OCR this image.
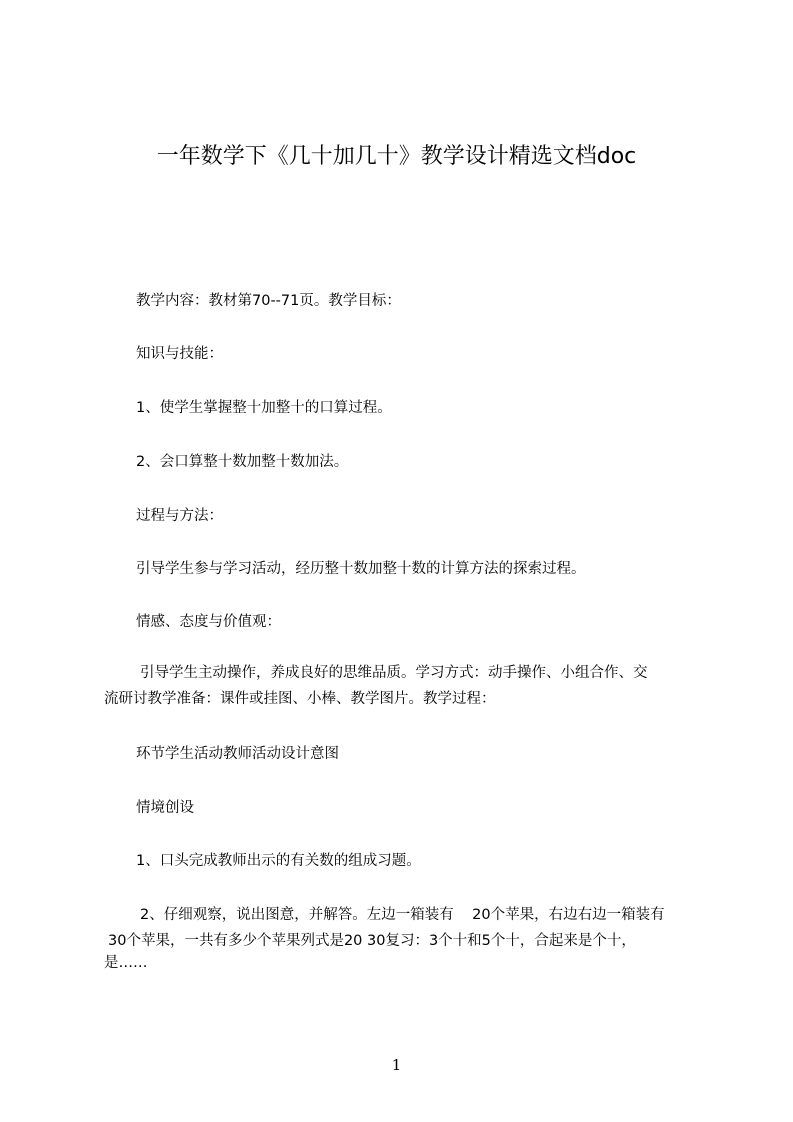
一年数学下《几十加几十》教学设计精选文档doc
教学内容：教材第70--71页。教学目标：
知识与技能：
1、使学生掌握整十加整十的口算过程。
2、会口算整十数加整十数加法。
过程与方法：
引导学生参与学习活动，经历整十数加整十数的计算方法的探索过程。
情感、态度与价值观：
引导学生主动操作，养成良好的思维品质。学习方式：动手操作、小组合作、交
流研讨教学准备：课件或挂图、小棒、教学图片。教学过程：
环节学生活动教师活动设计意图
情境创设
1、口头完成教师出示的有关数的组成习题。
2、仔细观察，说出图意，并解答。左边一箱装有    20个苹果，右边右边一箱装有
30个苹果，一共有多少个苹果列式是20 30复习：3个十和5个十，合起来是个十，
是……
1
